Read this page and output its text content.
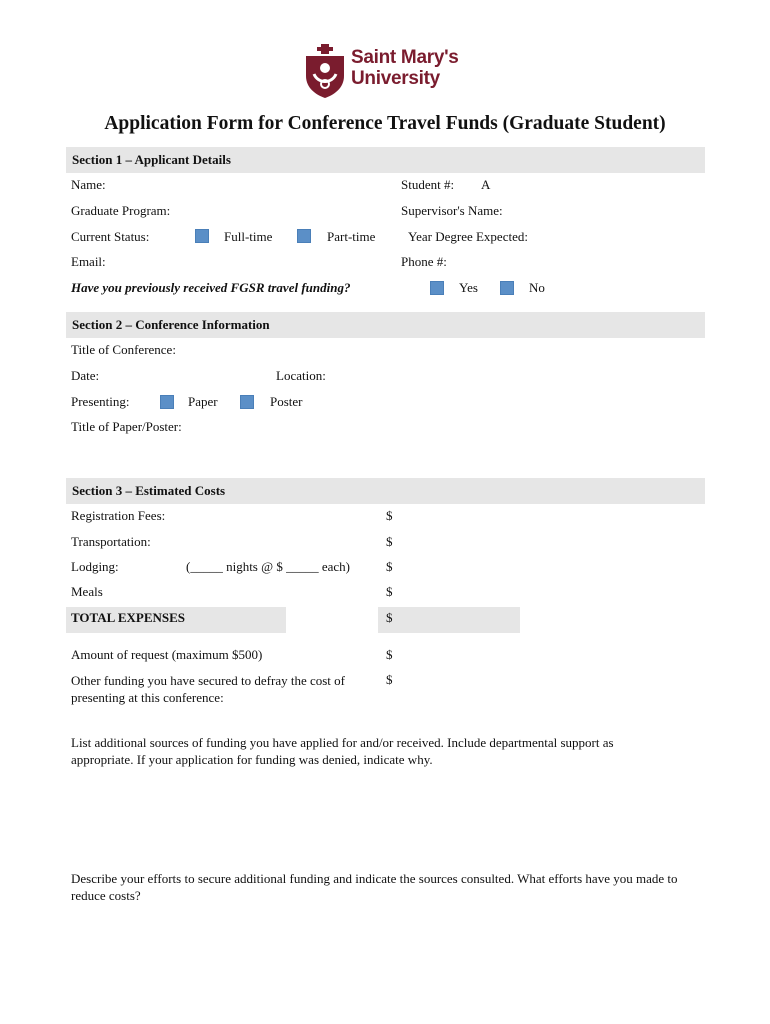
Saint Mary's
University
Application Form for Conference Travel Funds (Graduate Student)
Section 1 – Applicant Details
Name:	Student #: A
Graduate Program:	Supervisor's Name:
Current Status:	Full-time	Part-time	Year Degree Expected:
Email:	Phone #:
Have you previously received FGSR travel funding?	Yes	No
Section 2 – Conference Information
Title of Conference:
Date:	Location:
Presenting:	Paper	Poster
Title of Paper/Poster:
Section 3 – Estimated Costs
Registration Fees:	$
Transportation:	$
Lodging:	(_____ nights @ $ _____ each)	$
Meals	$
TOTAL EXPENSES	$
Amount of request (maximum $500)	$
Other funding you have secured to defray the cost of presenting at this conference:
$
List additional sources of funding you have applied for and/or received. Include departmental support as appropriate. If your application for funding was denied, indicate why.
Describe your efforts to secure additional funding and indicate the sources consulted. What efforts have you made to reduce costs?
